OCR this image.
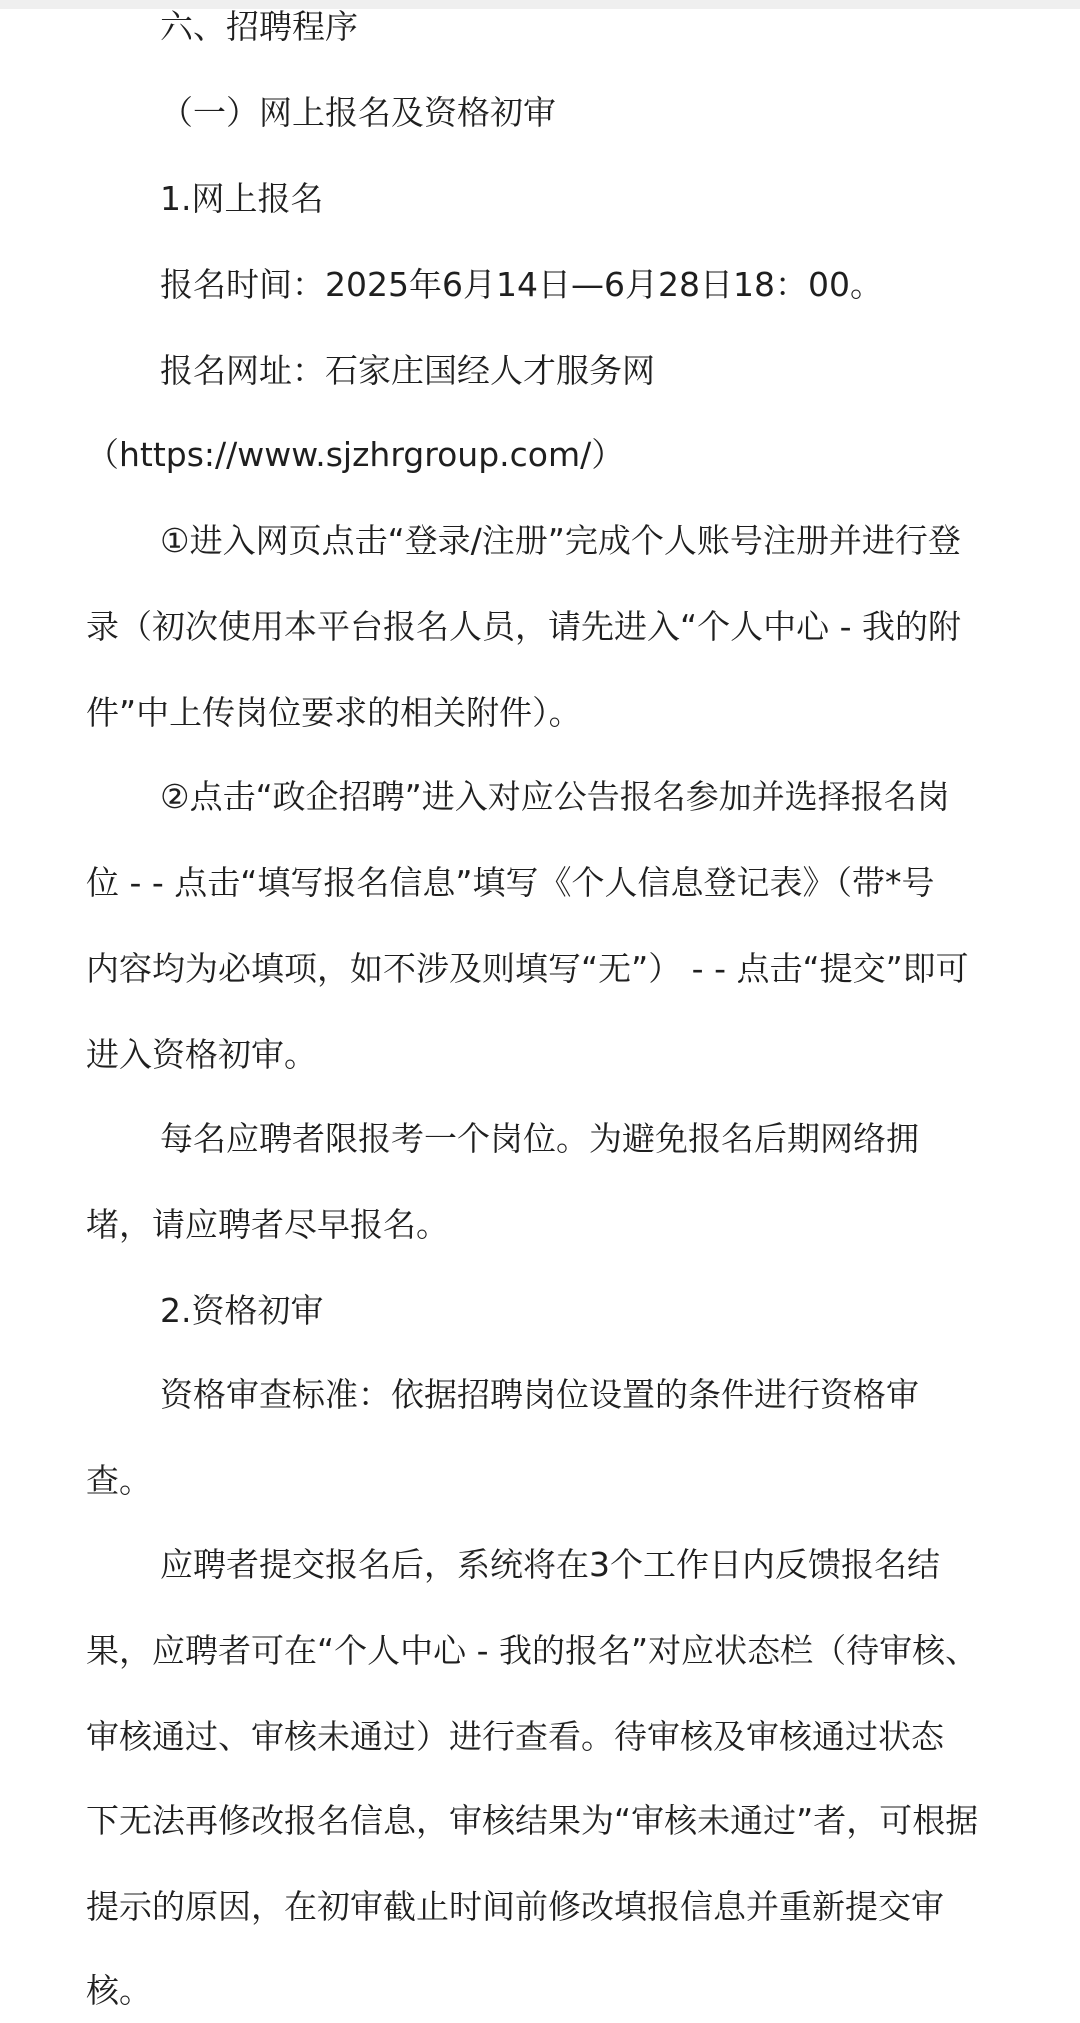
六、招聘程序
（一）网上报名及资格初审
1.网上报名
报名时间：2025年6月14日—6月28日18：00。
报名网址：石家庄国经人才服务网
（https://www.sjzhrgroup.com/）
①进入网页点击“登录/注册”完成个人账号注册并进行登
录（初次使用本平台报名人员，请先进入“个人中心 - 我的附
件”中上传岗位要求的相关附件）。
②点击“政企招聘”进入对应公告报名参加并选择报名岗
位 - - 点击“填写报名信息”填写《个人信息登记表》（带*号
内容均为必填项，如不涉及则填写“无”） - - 点击“提交”即可
进入资格初审。
每名应聘者限报考一个岗位。为避免报名后期网络拥
堵，请应聘者尽早报名。
2.资格初审
资格审查标准：依据招聘岗位设置的条件进行资格审
查。
应聘者提交报名后，系统将在3个工作日内反馈报名结
果，应聘者可在“个人中心 - 我的报名”对应状态栏（待审核、
审核通过、审核未通过）进行查看。待审核及审核通过状态
下无法再修改报名信息，审核结果为“审核未通过”者，可根据
提示的原因，在初审截止时间前修改填报信息并重新提交审
核。
